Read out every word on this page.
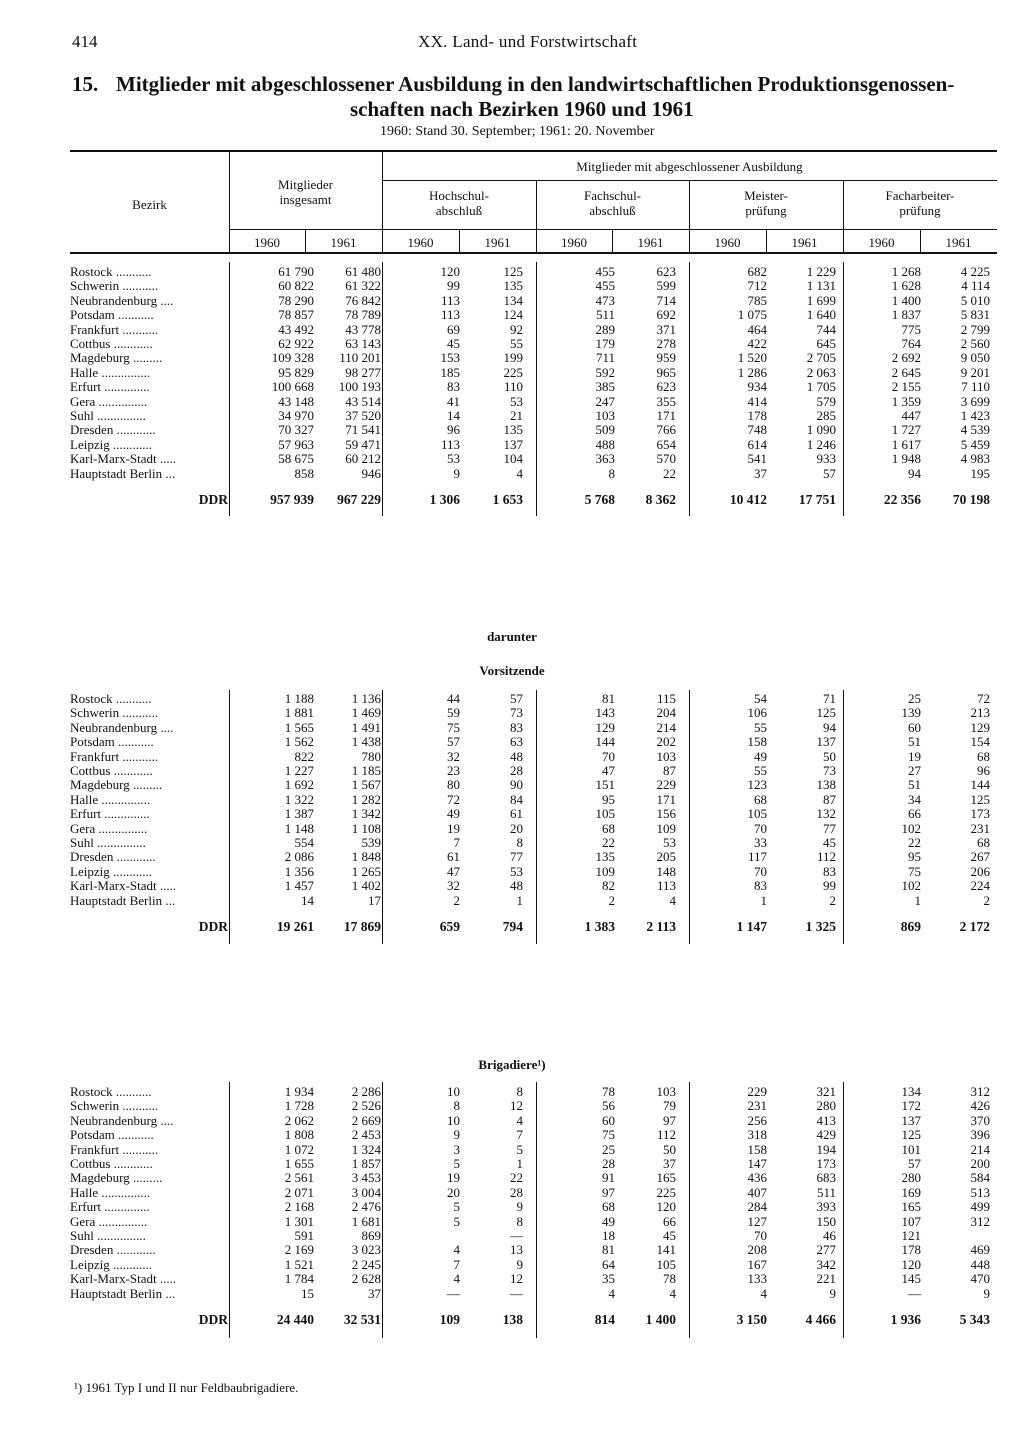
414	XX. Land- und Forstwirtschaft
15. Mitglieder mit abgeschlossener Ausbildung in den landwirtschaftlichen Produktionsgenossen-
schaften nach Bezirken 1960 und 1961
1960: Stand 30. September; 1961: 20. November
Bezirk
Mitglieder
insgesamt
Mitglieder mit abgeschlossener Ausbildung
Hochschul-
abschluß
Fachschul-
abschluß
Meister-
prüfung
Facharbeiter-
prüfung
1960	1961	1960	1961	1960	1961	1960	1961	1960	1961
darunter
Vorsitzende
Brigadiere¹)
Rostock ...........	61 790	61 480	120	125	455	623	682	1 229	1 268	4 225
Schwerin ...........	60 822	61 322	99	135	455	599	712	1 131	1 628	4 114
Neubrandenburg ....	78 290	76 842	113	134	473	714	785	1 699	1 400	5 010
Potsdam ...........	78 857	78 789	113	124	511	692	1 075	1 640	1 837	5 831
Frankfurt ...........	43 492	43 778	69	92	289	371	464	744	775	2 799
Cottbus ............	62 922	63 143	45	55	179	278	422	645	764	2 560
Magdeburg .........	109 328	110 201	153	199	711	959	1 520	2 705	2 692	9 050
Halle ...............	95 829	98 277	185	225	592	965	1 286	2 063	2 645	9 201
Erfurt ..............	100 668	100 193	83	110	385	623	934	1 705	2 155	7 110
Gera ...............	43 148	43 514	41	53	247	355	414	579	1 359	3 699
Suhl ...............	34 970	37 520	14	21	103	171	178	285	447	1 423
Dresden ............	70 327	71 541	96	135	509	766	748	1 090	1 727	4 539
Leipzig ............	57 963	59 471	113	137	488	654	614	1 246	1 617	5 459
Karl-Marx-Stadt .....	58 675	60 212	53	104	363	570	541	933	1 948	4 983
Hauptstadt Berlin ...	858	946	9	4	8	22	37	57	94	195
DDR	957 939	967 229	1 306	1 653	5 768	8 362	10 412	17 751	22 356	70 198
Rostock ...........	1 188	1 136	44	57	81	115	54	71	25	72
Schwerin ...........	1 881	1 469	59	73	143	204	106	125	139	213
Neubrandenburg ....	1 565	1 491	75	83	129	214	55	94	60	129
Potsdam ...........	1 562	1 438	57	63	144	202	158	137	51	154
Frankfurt ...........	822	780	32	48	70	103	49	50	19	68
Cottbus ............	1 227	1 185	23	28	47	87	55	73	27	96
Magdeburg .........	1 692	1 567	80	90	151	229	123	138	51	144
Halle ...............	1 322	1 282	72	84	95	171	68	87	34	125
Erfurt ..............	1 387	1 342	49	61	105	156	105	132	66	173
Gera ...............	1 148	1 108	19	20	68	109	70	77	102	231
Suhl ...............	554	539	7	8	22	53	33	45	22	68
Dresden ............	2 086	1 848	61	77	135	205	117	112	95	267
Leipzig ............	1 356	1 265	47	53	109	148	70	83	75	206
Karl-Marx-Stadt .....	1 457	1 402	32	48	82	113	83	99	102	224
Hauptstadt Berlin ...	14	17	2	1	2	4	1	2	1	2
DDR	19 261	17 869	659	794	1 383	2 113	1 147	1 325	869	2 172
Rostock ...........	1 934	2 286	10	8	78	103	229	321	134	312
Schwerin ...........	1 728	2 526	8	12	56	79	231	280	172	426
Neubrandenburg ....	2 062	2 669	10	4	60	97	256	413	137	370
Potsdam ...........	1 808	2 453	9	7	75	112	318	429	125	396
Frankfurt ...........	1 072	1 324	3	5	25	50	158	194	101	214
Cottbus ............	1 655	1 857	5	1	28	37	147	173	57	200
Magdeburg .........	2 561	3 453	19	22	91	165	436	683	280	584
Halle ...............	2 071	3 004	20	28	97	225	407	511	169	513
Erfurt ..............	2 168	2 476	5	9	68	120	284	393	165	499
Gera ...............	1 301	1 681	5	8	49	66	127	150	107	312
Suhl ...............	591	869		—	18	45	70	46	121	
Dresden ............	2 169	3 023	4	13	81	141	208	277	178	469
Leipzig ............	1 521	2 245	7	9	64	105	167	342	120	448
Karl-Marx-Stadt .....	1 784	2 628	4	12	35	78	133	221	145	470
Hauptstadt Berlin ...	15	37	—	—	4	4	4	9	—	9
DDR	24 440	32 531	109	138	814	1 400	3 150	4 466	1 936	5 343
¹) 1961 Typ I und II nur Feldbaubrigadiere.
